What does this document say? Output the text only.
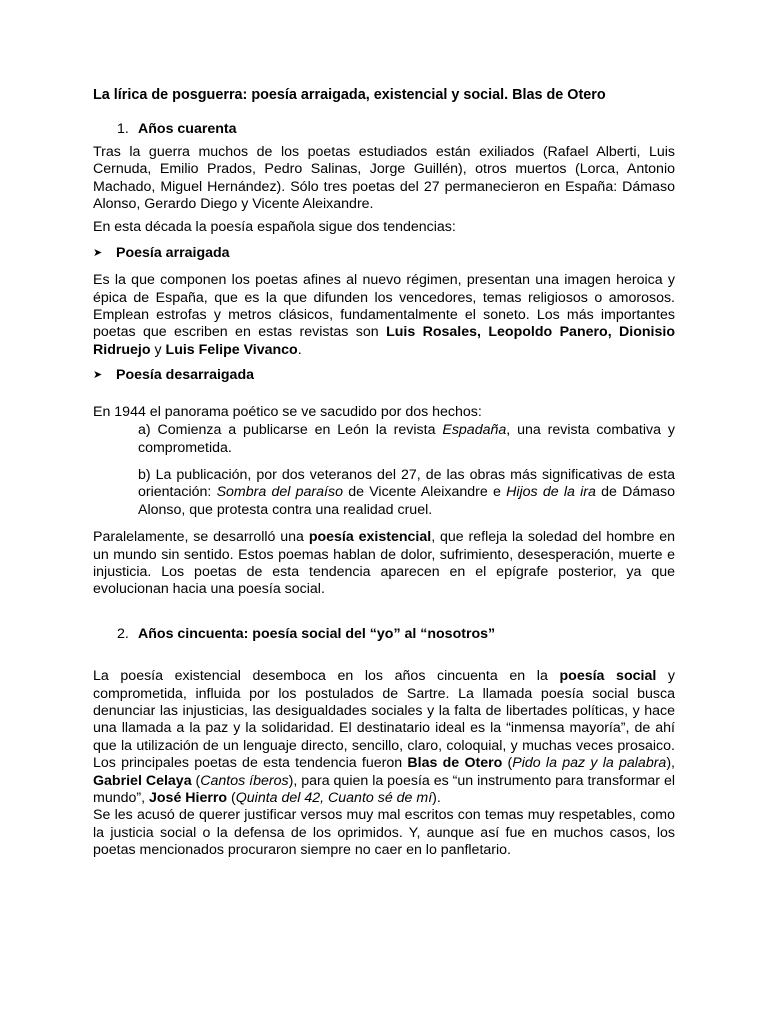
La lírica de posguerra: poesía arraigada, existencial y social. Blas de Otero
1. Años cuarenta

Tras la guerra muchos de los poetas estudiados están exiliados (Rafael Alberti, Luis Cernuda, Emilio Prados, Pedro Salinas, Jorge Guillén), otros muertos (Lorca, Antonio Machado, Miguel Hernández). Sólo tres poetas del 27 permanecieron en España: Dámaso Alonso, Gerardo Diego y Vicente Aleixandre.

En esta década la poesía española sigue dos tendencias:

➤ Poesía arraigada

Es la que componen los poetas afines al nuevo régimen, presentan una imagen heroica y épica de España, que es la que difunden los vencedores, temas religiosos o amorosos. Emplean estrofas y metros clásicos, fundamentalmente el soneto. Los más importantes poetas que escriben en estas revistas son Luis Rosales, Leopoldo Panero, Dionisio Ridruejo y Luis Felipe Vivanco.

➤ Poesía desarraigada

En 1944 el panorama poético se ve sacudido por dos hechos:

a) Comienza a publicarse en León la revista Espadaña, una revista combativa y comprometida.

b) La publicación, por dos veteranos del 27, de las obras más significativas de esta orientación: Sombra del paraíso de Vicente Aleixandre e Hijos de la ira de Dámaso Alonso, que protesta contra una realidad cruel.

Paralelamente, se desarrolló una poesía existencial, que refleja la soledad del hombre en un mundo sin sentido. Estos poemas hablan de dolor, sufrimiento, desesperación, muerte e injusticia. Los poetas de esta tendencia aparecen en el epígrafe posterior, ya que evolucionan hacia una poesía social.

2. Años cincuenta: poesía social del “yo” al “nosotros”

La poesía existencial desemboca en los años cincuenta en la poesía social y comprometida, influida por los postulados de Sartre. La llamada poesía social busca denunciar las injusticias, las desigualdades sociales y la falta de libertades políticas, y hace una llamada a la paz y la solidaridad. El destinatario ideal es la “inmensa mayoría”, de ahí que la utilización de un lenguaje directo, sencillo, claro, coloquial, y muchas veces prosaico. Los principales poetas de esta tendencia fueron Blas de Otero (Pido la paz y la palabra), Gabriel Celaya (Cantos íberos), para quien la poesía es “un instrumento para transformar el mundo”, José Hierro (Quinta del 42, Cuanto sé de mí).

Se les acusó de querer justificar versos muy mal escritos con temas muy respetables, como la justicia social o la defensa de los oprimidos. Y, aunque así fue en muchos casos, los poetas mencionados procuraron siempre no caer en lo panfletario.
